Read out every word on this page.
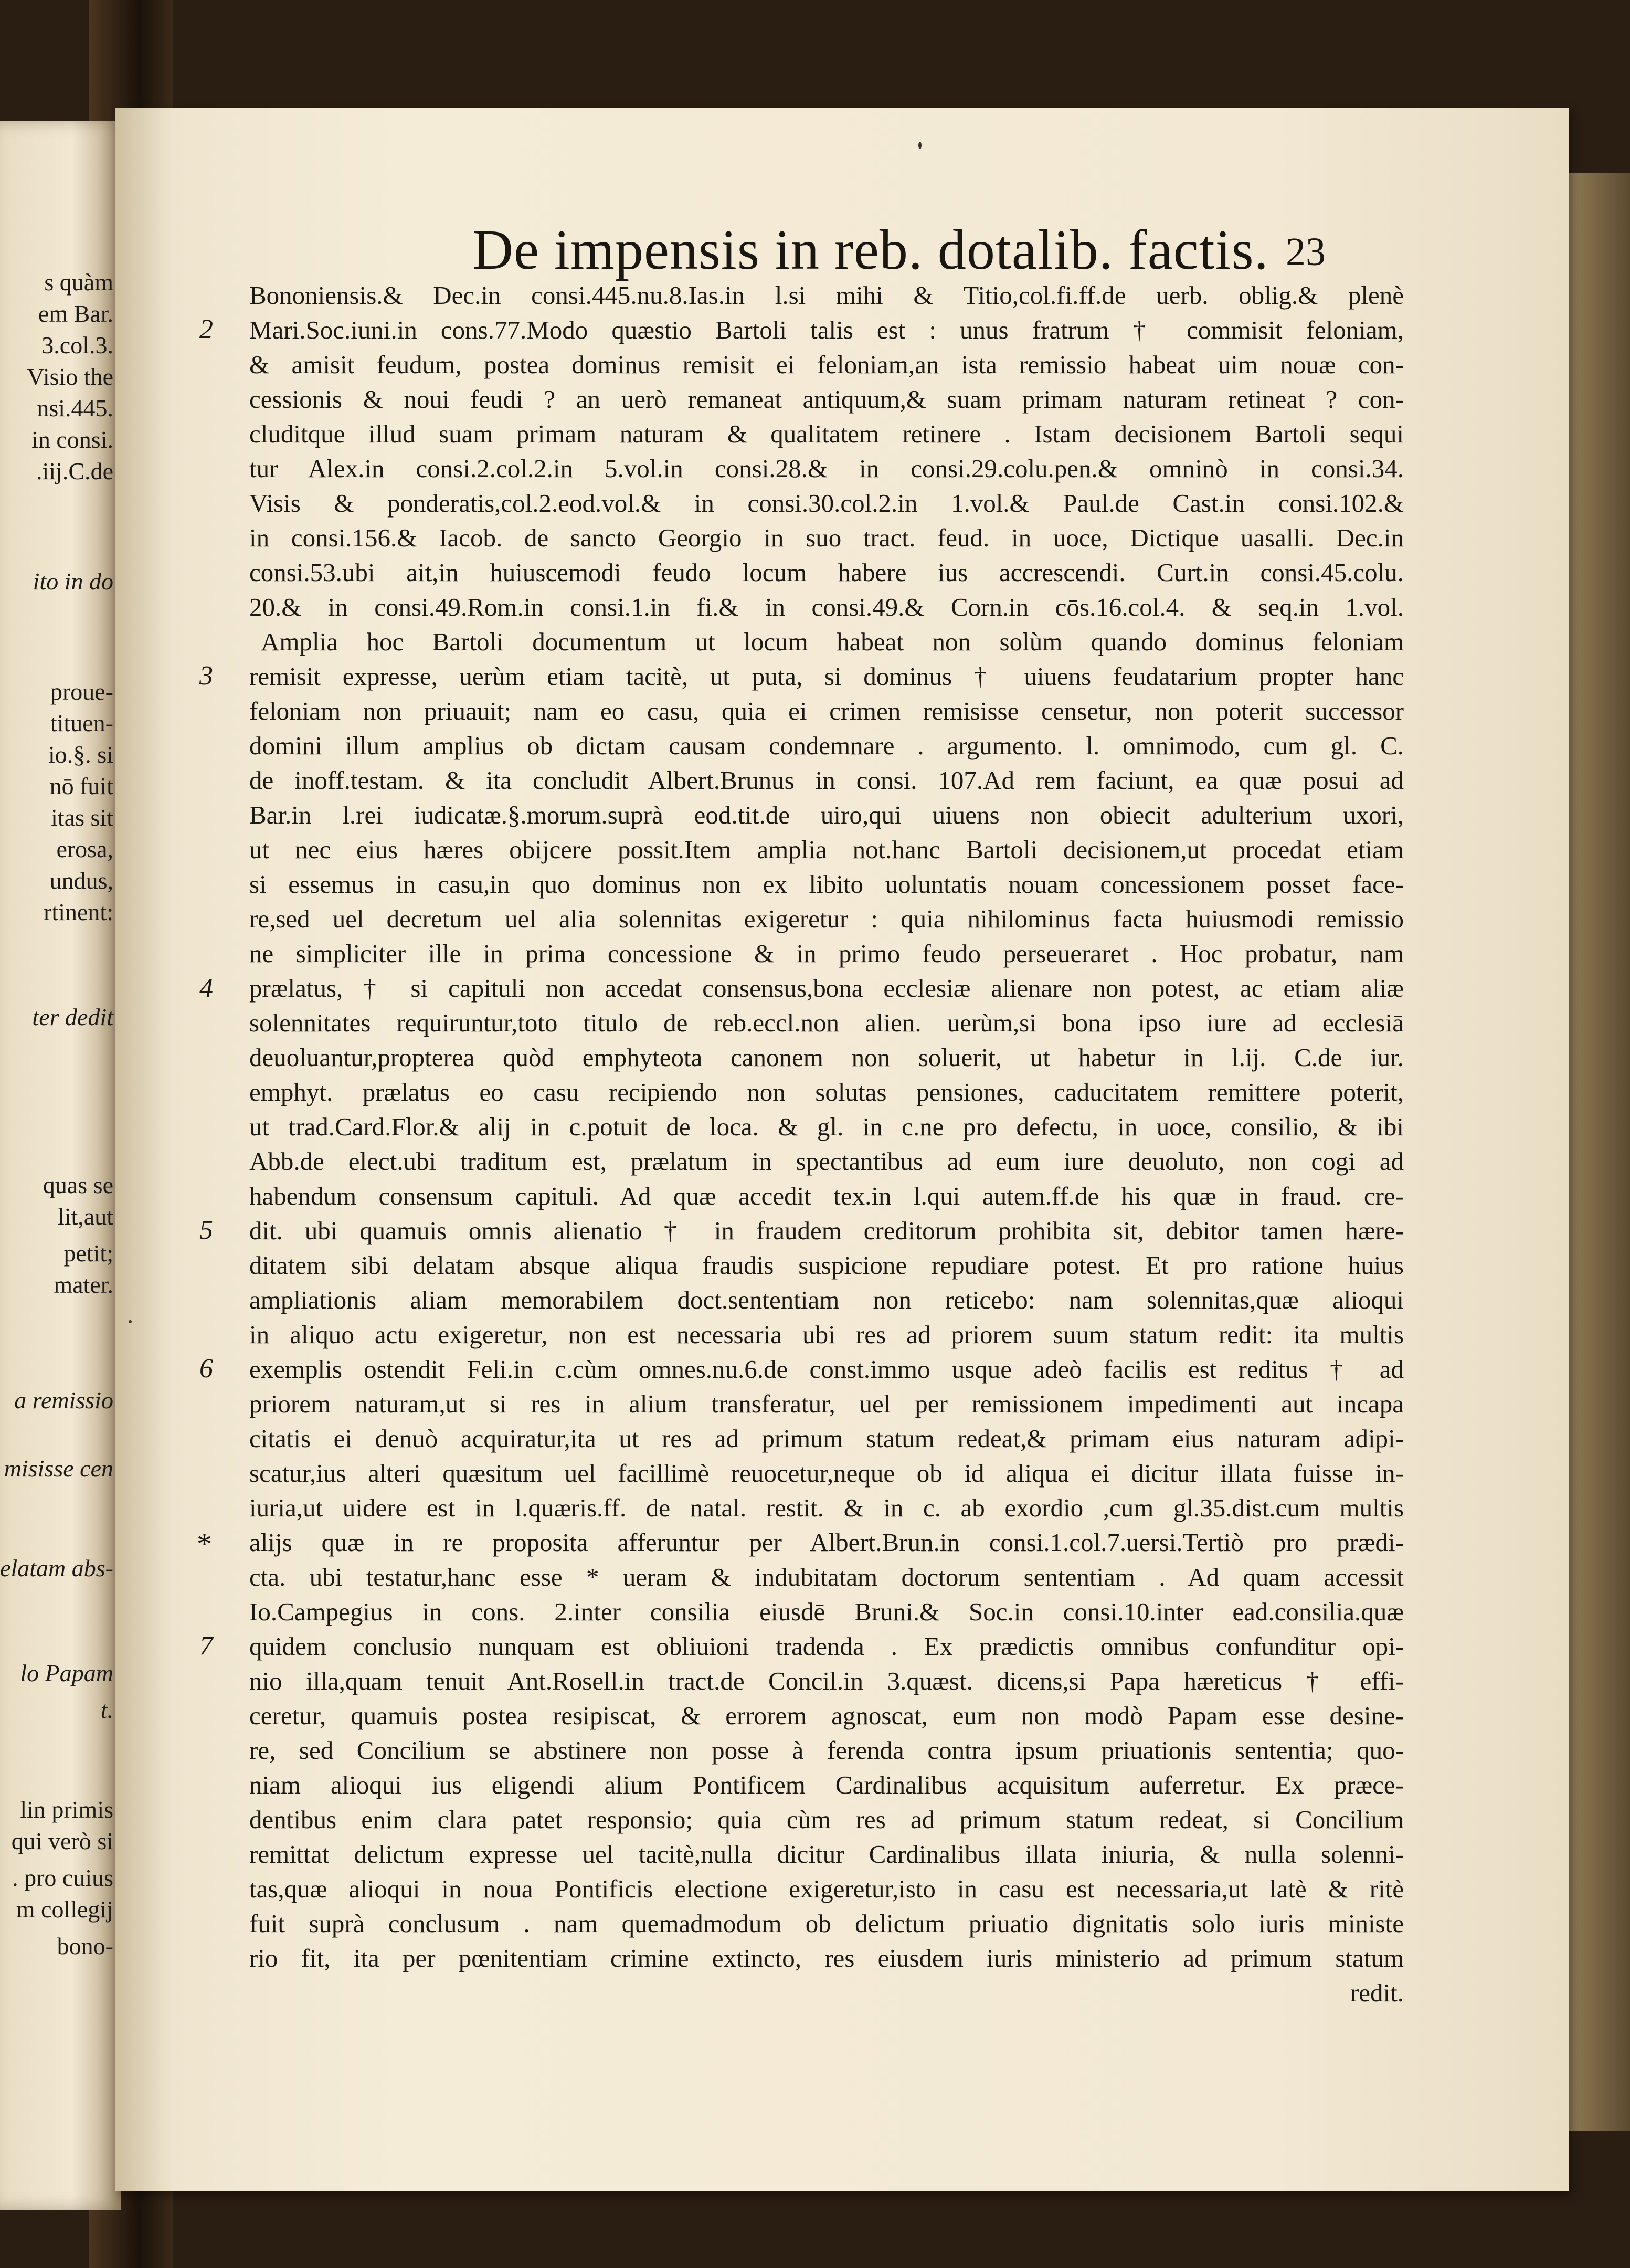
s quàm
em Bar.
3.col.3.
Visio the
nsi.445.
in consi.
.iij.C.de
ito in do
proue-
tituen-
io.§. si
nō fuit
itas sit
erosa,
undus,
rtinent:
ter dedit
quas se
lit,aut
petit;
mater.
a remissio
misisse cen
elatam abs-
lo Papam
t.
lin primis
qui verò si
. pro cuius
m collegij
bono-
De impensis in reb. dotalib. factis. 23
2
3
4
5
6
*
7
Bononiensis.& Dec.in consi.445.nu.8.Ias.in l.si mihi & Titio,col.fi.ff.de uerb. oblig.& plenè
Mari.Soc.iuni.in cons.77.Modo quæstio Bartoli talis est : unus fratrum † commisit feloniam,
& amisit feudum, postea dominus remisit ei feloniam,an ista remissio habeat uim nouæ con-
cessionis & noui feudi ? an uerò remaneat antiquum,& suam primam naturam retineat ? con-
cluditque illud suam primam naturam & qualitatem retinere . Istam decisionem Bartoli sequi
tur Alex.in consi.2.col.2.in 5.vol.in consi.28.& in consi.29.colu.pen.& omninò in consi.34.
Visis & ponderatis,col.2.eod.vol.& in consi.30.col.2.in 1.vol.& Paul.de Cast.in consi.102.&
in consi.156.& Iacob. de sancto Georgio in suo tract. feud. in uoce, Dictique uasalli. Dec.in
consi.53.ubi ait,in huiuscemodi feudo locum habere ius accrescendi. Curt.in consi.45.colu.
20.& in consi.49.Rom.in consi.1.in fi.& in consi.49.& Corn.in cōs.16.col.4. & seq.in 1.vol.
Amplia hoc Bartoli documentum ut locum habeat non solùm quando dominus feloniam
remisit expresse, uerùm etiam tacitè, ut puta, si dominus † uiuens feudatarium propter hanc
feloniam non priuauit; nam eo casu, quia ei crimen remisisse censetur, non poterit successor
domini illum amplius ob dictam causam condemnare . argumento. l. omnimodo, cum gl. C.
de inoff.testam. & ita concludit Albert.Brunus in consi. 107.Ad rem faciunt, ea quæ posui ad
Bar.in l.rei iudicatæ.§.morum.suprà eod.tit.de uiro,qui uiuens non obiecit adulterium uxori,
ut nec eius hæres obijcere possit.Item amplia not.hanc Bartoli decisionem,ut procedat etiam
si essemus in casu,in quo dominus non ex libito uoluntatis nouam concessionem posset face-
re,sed uel decretum uel alia solennitas exigeretur : quia nihilominus facta huiusmodi remissio
ne simpliciter ille in prima concessione & in primo feudo perseueraret . Hoc probatur, nam
prælatus, † si capituli non accedat consensus,bona ecclesiæ alienare non potest, ac etiam aliæ
solennitates requiruntur,toto titulo de reb.eccl.non alien. uerùm,si bona ipso iure ad ecclesiā
deuoluantur,propterea quòd emphyteota canonem non soluerit, ut habetur in l.ij. C.de iur.
emphyt. prælatus eo casu recipiendo non solutas pensiones, caducitatem remittere poterit,
ut trad.Card.Flor.& alij in c.potuit de loca. & gl. in c.ne pro defectu, in uoce, consilio, & ibi
Abb.de elect.ubi traditum est, prælatum in spectantibus ad eum iure deuoluto, non cogi ad
habendum consensum capituli. Ad quæ accedit tex.in l.qui autem.ff.de his quæ in fraud. cre-
dit. ubi quamuis omnis alienatio † in fraudem creditorum prohibita sit, debitor tamen hære-
ditatem sibi delatam absque aliqua fraudis suspicione repudiare potest. Et pro ratione huius
ampliationis aliam memorabilem doct.sententiam non reticebo: nam solennitas,quæ alioqui
in aliquo actu exigeretur, non est necessaria ubi res ad priorem suum statum redit: ita multis
exemplis ostendit Feli.in c.cùm omnes.nu.6.de const.immo usque adeò facilis est reditus † ad
priorem naturam,ut si res in alium transferatur, uel per remissionem impedimenti aut incapa
citatis ei denuò acquiratur,ita ut res ad primum statum redeat,& primam eius naturam adipi-
scatur,ius alteri quæsitum uel facillimè reuocetur,neque ob id aliqua ei dicitur illata fuisse in-
iuria,ut uidere est in l.quæris.ff. de natal. restit. & in c. ab exordio ,cum gl.35.dist.cum multis
alijs quæ in re proposita afferuntur per Albert.Brun.in consi.1.col.7.uersi.Tertiò pro prædi-
cta. ubi testatur,hanc esse * ueram & indubitatam doctorum sententiam . Ad quam accessit
Io.Campegius in cons. 2.inter consilia eiusdē Bruni.& Soc.in consi.10.inter ead.consilia.quæ
quidem conclusio nunquam est obliuioni tradenda . Ex prædictis omnibus confunditur opi-
nio illa,quam tenuit Ant.Rosell.in tract.de Concil.in 3.quæst. dicens,si Papa hæreticus † effi-
ceretur, quamuis postea resipiscat, & errorem agnoscat, eum non modò Papam esse desine-
re, sed Concilium se abstinere non posse à ferenda contra ipsum priuationis sententia; quo-
niam alioqui ius eligendi alium Pontificem Cardinalibus acquisitum auferretur. Ex præce-
dentibus enim clara patet responsio; quia cùm res ad primum statum redeat, si Concilium
remittat delictum expresse uel tacitè,nulla dicitur Cardinalibus illata iniuria, & nulla solenni-
tas,quæ alioqui in noua Pontificis electione exigeretur,isto in casu est necessaria,ut latè & ritè
fuit suprà conclusum . nam quemadmodum ob delictum priuatio dignitatis solo iuris ministe
rio fit, ita per pœnitentiam crimine extincto, res eiusdem iuris ministerio ad primum statum
redit.
